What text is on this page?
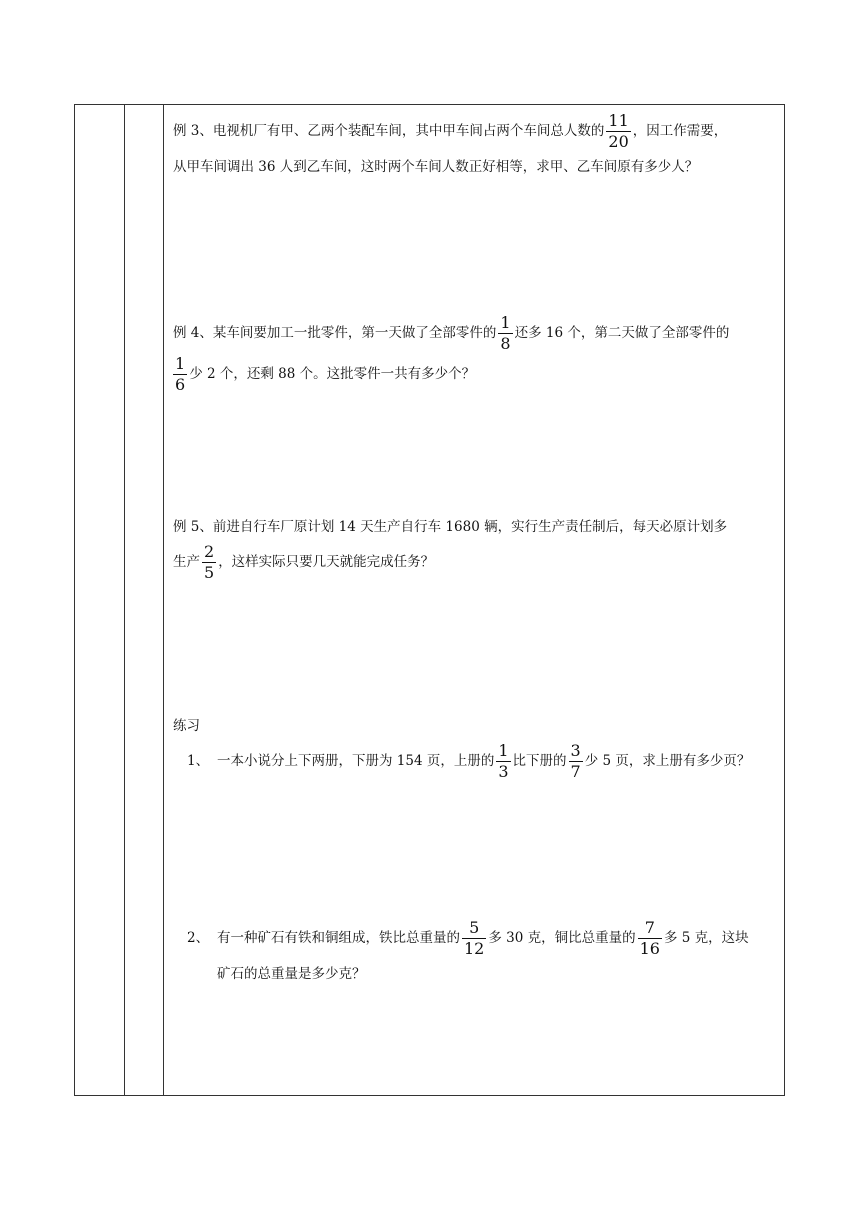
例 3、电视机厂有甲、乙两个装配车间，其中甲车间占两个车间总人数的 $\frac{11}{20}$ ，因工作需要，
从甲车间调出 36 人到乙车间，这时两个车间人数正好相等，求甲、乙车间原有多少人？
例 4、某车间要加工一批零件，第一天做了全部零件的 $\frac{1}{8}$ 还多 16 个，第二天做了全部零件的
$\frac{1}{6}$ 少 2 个，还剩 88 个。这批零件一共有多少个？
例 5、前进自行车厂原计划 14 天生产自行车 1680 辆，实行生产责任制后，每天必原计划多
生产 $\frac{2}{5}$ ，这样实际只要几天就能完成任务？
练习
1、 一本小说分上下两册，下册为 154 页，上册的 $\frac{1}{3}$ 比下册的 $\frac{3}{7}$ 少 5 页，求上册有多少页？
2、 有一种矿石有铁和铜组成，铁比总重量的 $\frac{5}{12}$ 多 30 克，铜比总重量的 $\frac{7}{16}$ 多 5 克，这块
矿石的总重量是多少克？
